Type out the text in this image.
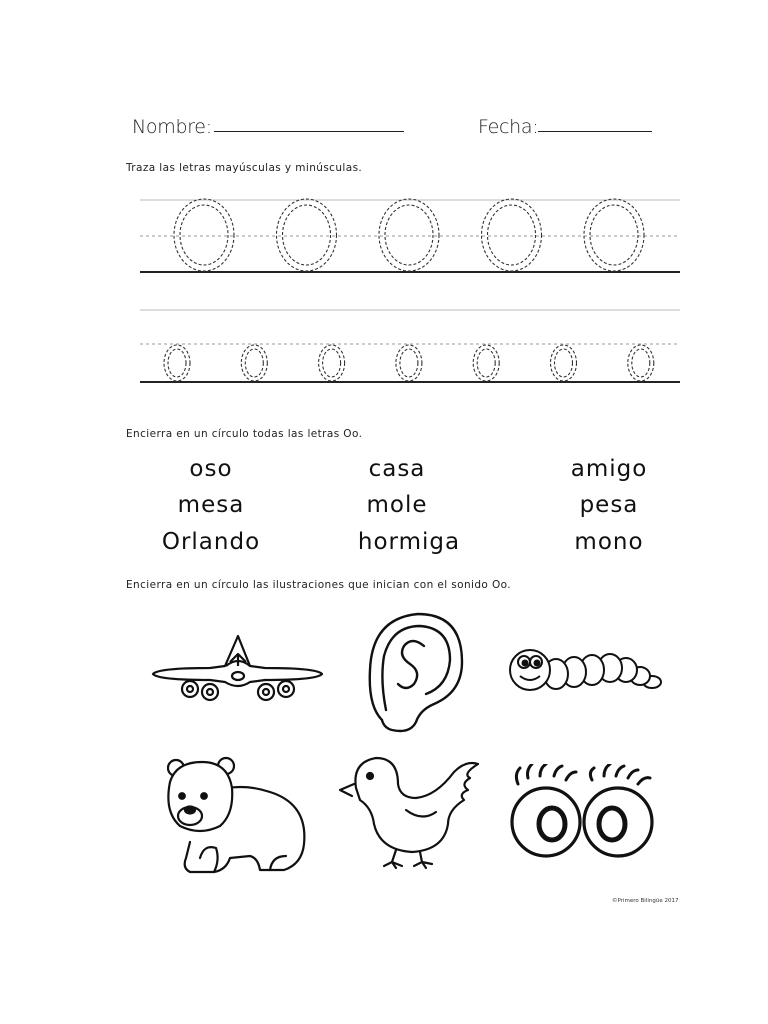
Nombre:	Fecha:
Traza las letras mayúsculas y minúsculas.
Encierra en un círculo todas las letras Oo.
oso	casa	amigo
mesa	mole	pesa
Orlando	hormiga	mono
Encierra en un círculo las ilustraciones que inician con el sonido Oo.
©Primero Bilingüe 2017
